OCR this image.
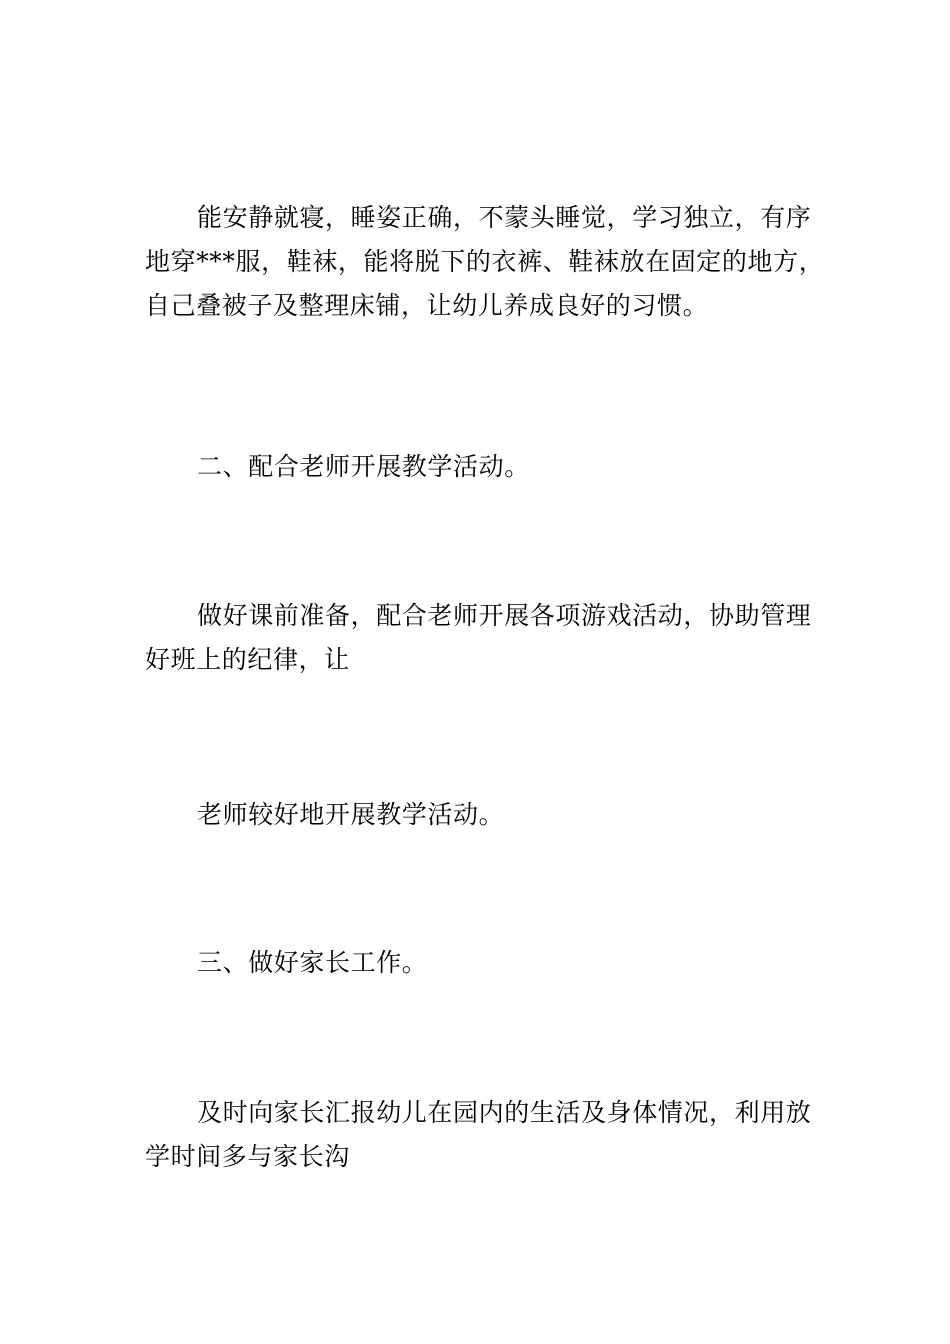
能安静就寝，睡姿正确，不蒙头睡觉，学习独立，有序
地穿***服，鞋袜，能将脱下的衣裤、鞋袜放在固定的地方，
自己叠被子及整理床铺，让幼儿养成良好的习惯。

二、配合老师开展教学活动。

做好课前准备，配合老师开展各项游戏活动，协助管理
好班上的纪律，让

老师较好地开展教学活动。

三、做好家长工作。

及时向家长汇报幼儿在园内的生活及身体情况，利用放
学时间多与家长沟
